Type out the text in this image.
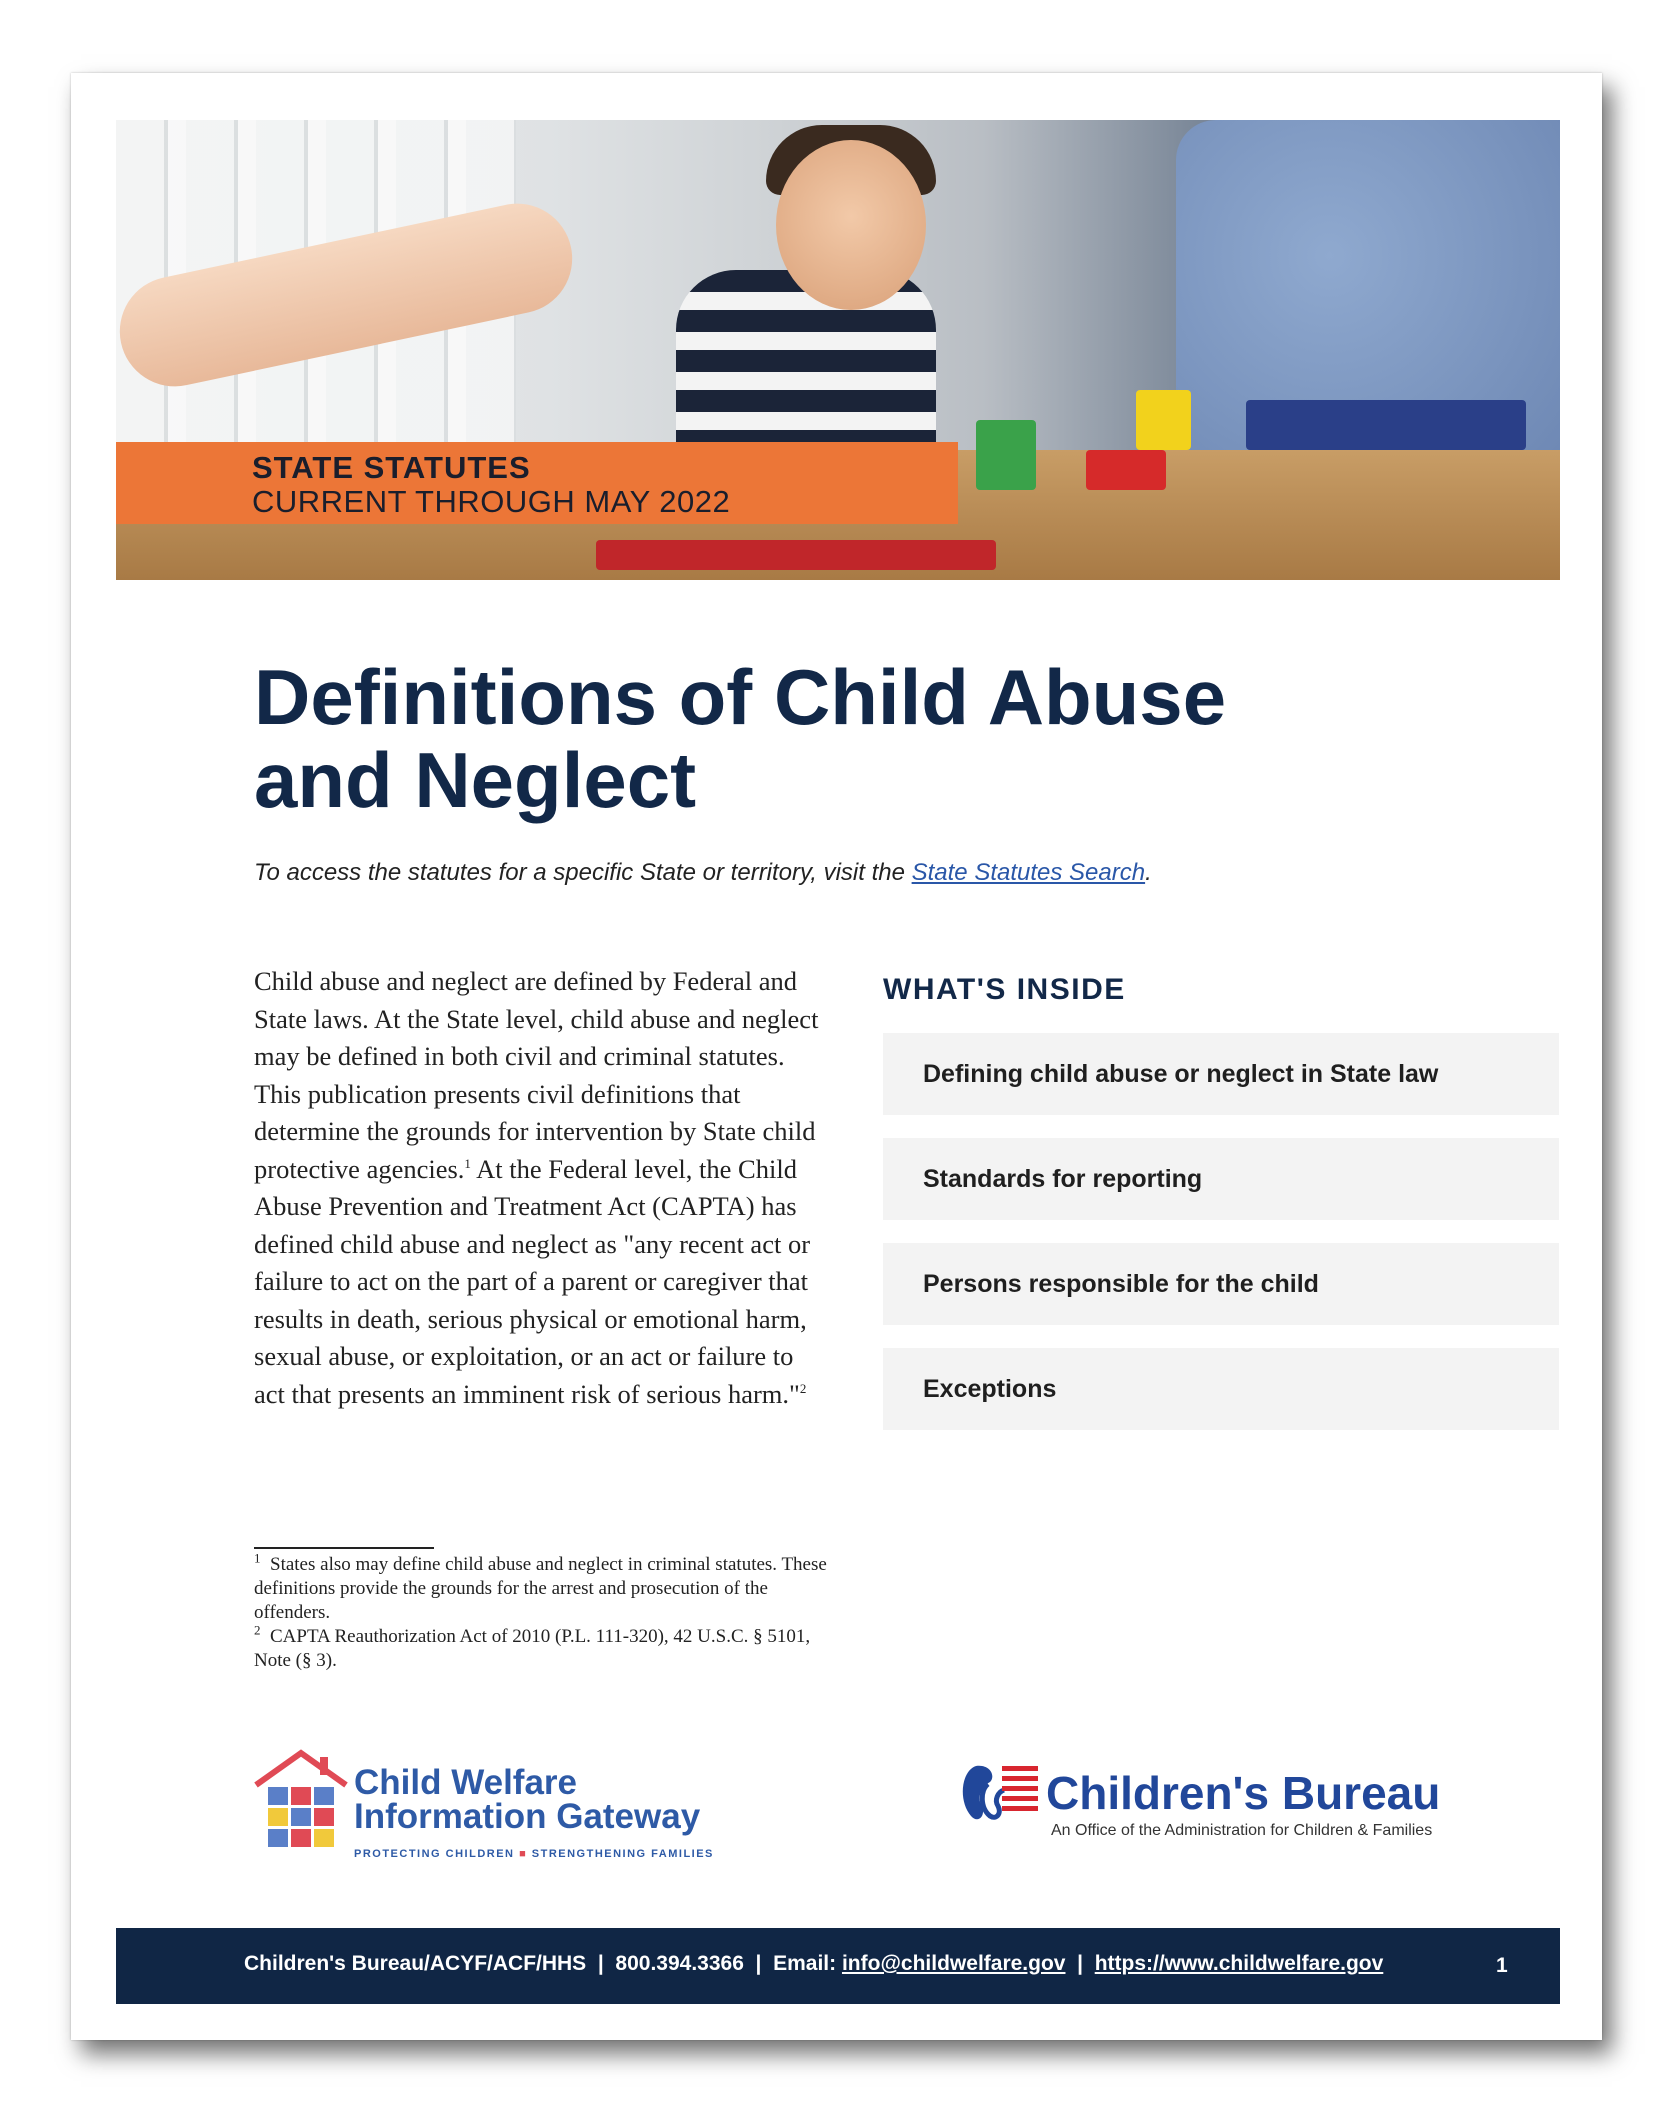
STATE STATUTES
CURRENT THROUGH MAY 2022
Definitions of Child Abuse and Neglect
To access the statutes for a specific State or territory, visit the State Statutes Search.
Child abuse and neglect are defined by Federal and State laws. At the State level, child abuse and neglect may be defined in both civil and criminal statutes. This publication presents civil definitions that determine the grounds for intervention by State child protective agencies.$^1$ At the Federal level, the Child Abuse Prevention and Treatment Act (CAPTA) has defined child abuse and neglect as "any recent act or failure to act on the part of a parent or caregiver that results in death, serious physical or emotional harm, sexual abuse, or exploitation, or an act or failure to act that presents an imminent risk of serious harm."$^2$
$^1$ States also may define child abuse and neglect in criminal statutes. These definitions provide the grounds for the arrest and prosecution of the offenders.
$^2$ CAPTA Reauthorization Act of 2010 (P.L. 111-320), 42 U.S.C. § 5101, Note (§ 3).
WHAT'S INSIDE
Defining child abuse or neglect in State law
Standards for reporting
Persons responsible for the child
Exceptions
Child Welfare
Information Gateway
PROTECTING CHILDREN ■ STRENGTHENING FAMILIES
Children's Bureau
An Office of the Administration for Children & Families
Children's Bureau/ACYF/ACF/HHS  |  800.394.3366  |  Email: info@childwelfare.gov  |  https://www.childwelfare.gov	1
